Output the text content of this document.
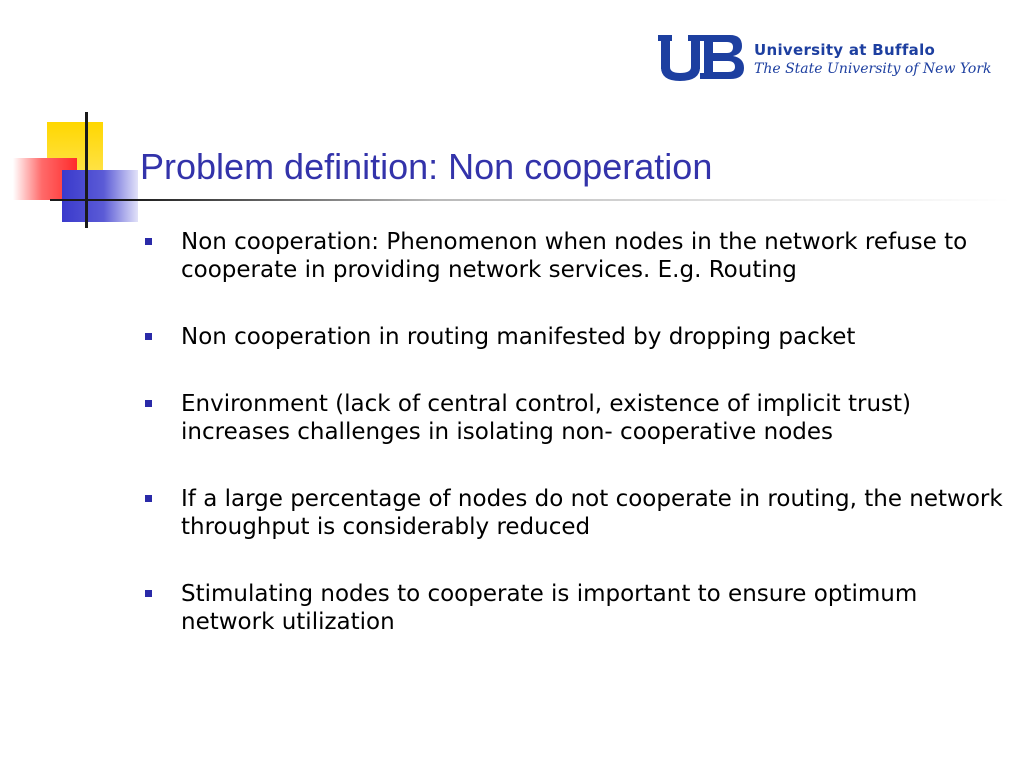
University at Buffalo
The State University of New York
Problem definition: Non cooperation
Non cooperation: Phenomenon when nodes in the network refuse to cooperate in providing network services. E.g. Routing
Non cooperation in routing manifested by dropping packet
Environment (lack of central control, existence of implicit trust) increases challenges in isolating non- cooperative nodes
If a large percentage of nodes do not cooperate in routing, the network throughput is considerably reduced
Stimulating nodes to cooperate is important to ensure optimum network utilization
